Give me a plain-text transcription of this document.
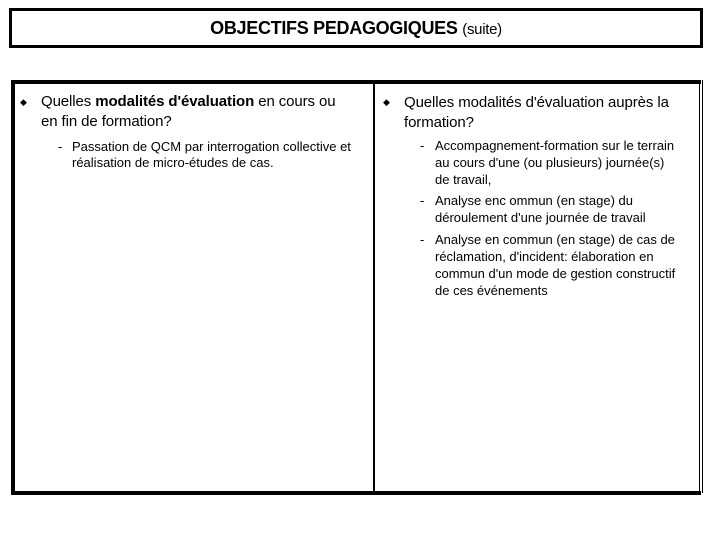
OBJECTIFS PEDAGOGIQUES (suite)
◆ Quelles modalités d'évaluation en cours ou
en fin de formation?
- Passation de QCM par interrogation collective et
réalisation de micro-études de cas.
◆ Quelles modalités d'évaluation auprès la
formation?
- Accompagnement-formation sur le terrain
au cours d'une (ou plusieurs) journée(s)
de travail,
- Analyse enc ommun (en stage) du
déroulement d'une journée de travail
- Analyse en commun (en stage) de cas de
réclamation, d'incident: élaboration en
commun d'un mode de gestion constructif
de ces événements
